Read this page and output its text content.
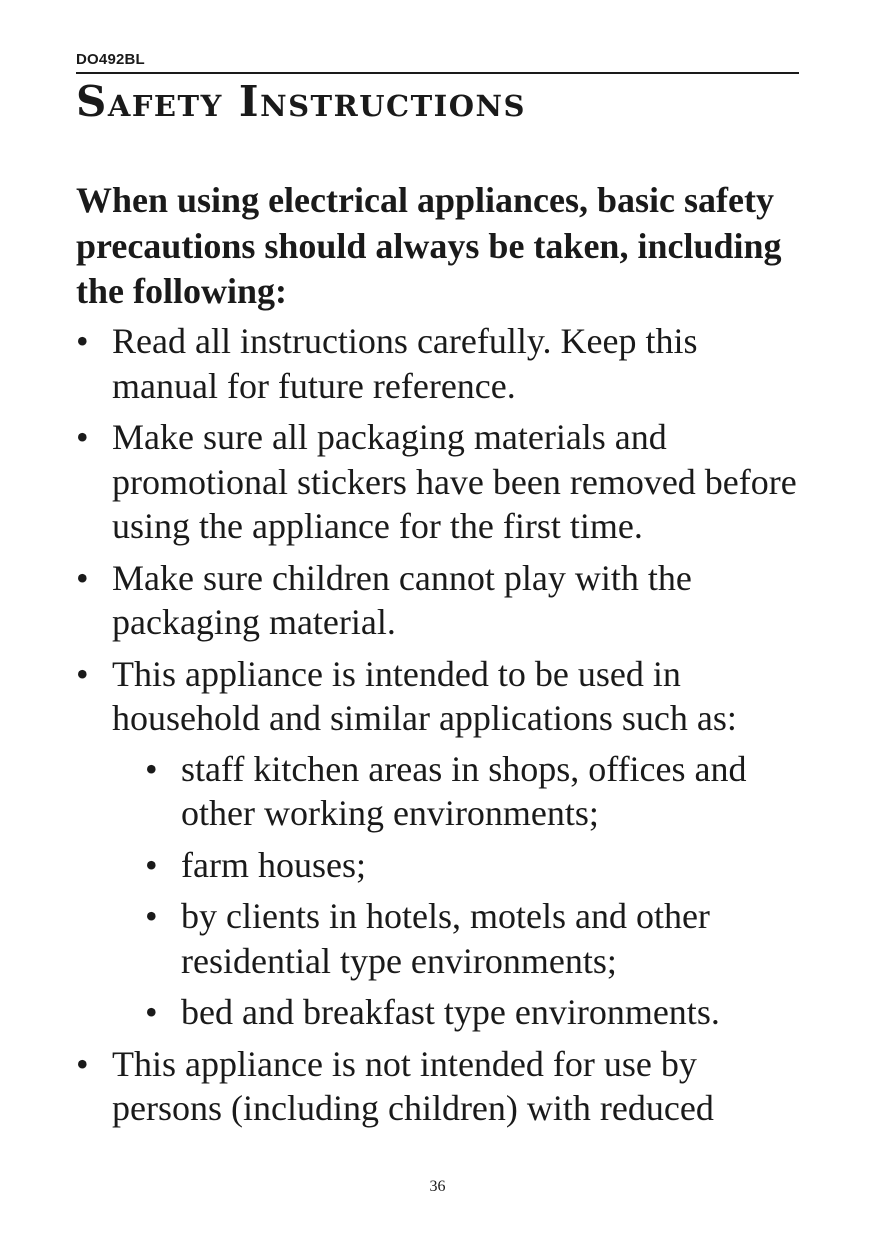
DO492BL
Safety Instructions

When using electrical appliances, basic safety precautions should always be taken, including the following:

• Read all instructions carefully. Keep this manual for future reference.
• Make sure all packaging materials and promotional stickers have been removed before using the appliance for the first time.
• Make sure children cannot play with the packaging material.
• This appliance is intended to be used in household and similar applications such as:
• staff kitchen areas in shops, offices and other working environments;
• farm houses;
• by clients in hotels, motels and other residential type environments;
• bed and breakfast type environments.
• This appliance is not intended for use by persons (including children) with reduced
36
